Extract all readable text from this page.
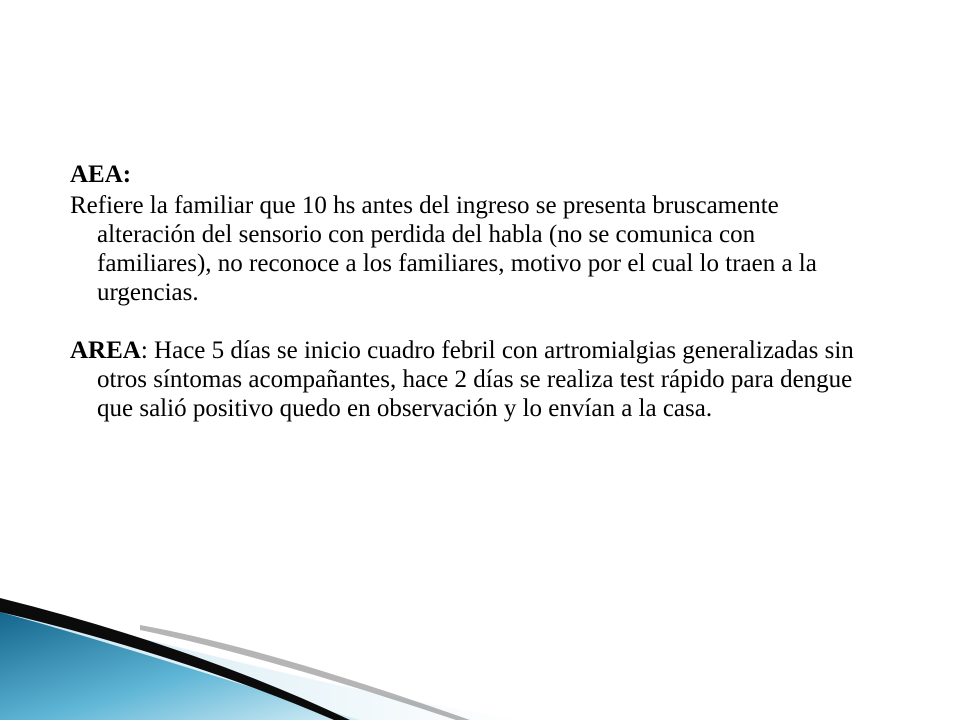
AEA:

Refiere la familiar que 10 hs antes del ingreso se presenta bruscamente alteración del sensorio con perdida del habla (no se comunica con familiares), no reconoce a los familiares, motivo por el cual lo traen a la urgencias.

AREA: Hace 5 días se inicio cuadro febril con artromialgias generalizadas sin otros síntomas acompañantes, hace 2 días se realiza test rápido para dengue que salió positivo quedo en observación y lo envían a la casa.
